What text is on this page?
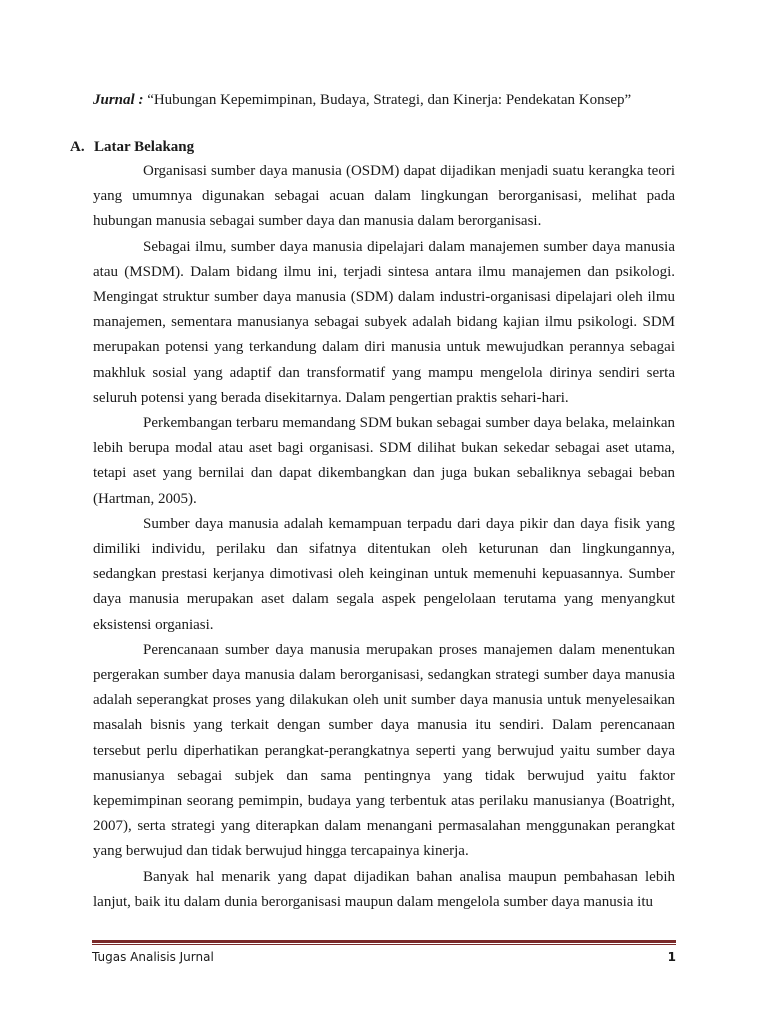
Jurnal : “Hubungan Kepemimpinan, Budaya, Strategi, dan Kinerja: Pendekatan Konsep”
A. Latar Belakang

Organisasi sumber daya manusia (OSDM) dapat dijadikan menjadi suatu kerangka teori yang umumnya digunakan sebagai acuan dalam lingkungan berorganisasi, melihat pada hubungan manusia sebagai sumber daya dan manusia dalam berorganisasi.

Sebagai ilmu, sumber daya manusia dipelajari dalam manajemen sumber daya manusia atau (MSDM). Dalam bidang ilmu ini, terjadi sintesa antara ilmu manajemen dan psikologi. Mengingat struktur sumber daya manusia (SDM) dalam industri-organisasi dipelajari oleh ilmu manajemen, sementara manusianya sebagai subyek adalah bidang kajian ilmu psikologi. SDM merupakan potensi yang terkandung dalam diri manusia untuk mewujudkan perannya sebagai makhluk sosial yang adaptif dan transformatif yang mampu mengelola dirinya sendiri serta seluruh potensi yang berada disekitarnya. Dalam pengertian praktis sehari-hari.

Perkembangan terbaru memandang SDM bukan sebagai sumber daya belaka, melainkan lebih berupa modal atau aset bagi organisasi. SDM dilihat bukan sekedar sebagai aset utama, tetapi aset yang bernilai dan dapat dikembangkan dan juga bukan sebaliknya sebagai beban (Hartman, 2005).

Sumber daya manusia adalah kemampuan terpadu dari daya pikir dan daya fisik yang dimiliki individu, perilaku dan sifatnya ditentukan oleh keturunan dan lingkungannya, sedangkan prestasi kerjanya dimotivasi oleh keinginan untuk memenuhi kepuasannya. Sumber daya manusia merupakan aset dalam segala aspek pengelolaan terutama yang menyangkut eksistensi organiasi.

Perencanaan sumber daya manusia merupakan proses manajemen dalam menentukan pergerakan sumber daya manusia dalam berorganisasi, sedangkan strategi sumber daya manusia adalah seperangkat proses yang dilakukan oleh unit sumber daya manusia untuk menyelesaikan masalah bisnis yang terkait dengan sumber daya manusia itu sendiri. Dalam perencanaan tersebut perlu diperhatikan perangkat-perangkatnya seperti yang berwujud yaitu sumber daya manusianya sebagai subjek dan sama pentingnya yang tidak berwujud yaitu faktor kepemimpinan seorang pemimpin, budaya yang terbentuk atas perilaku manusianya (Boatright, 2007), serta strategi yang diterapkan dalam menangani permasalahan menggunakan perangkat yang berwujud dan tidak berwujud hingga tercapainya kinerja.

Banyak hal menarik yang dapat dijadikan bahan analisa maupun pembahasan lebih lanjut, baik itu dalam dunia berorganisasi maupun dalam mengelola sumber daya manusia itu

Tugas Analisis Jurnal	1
